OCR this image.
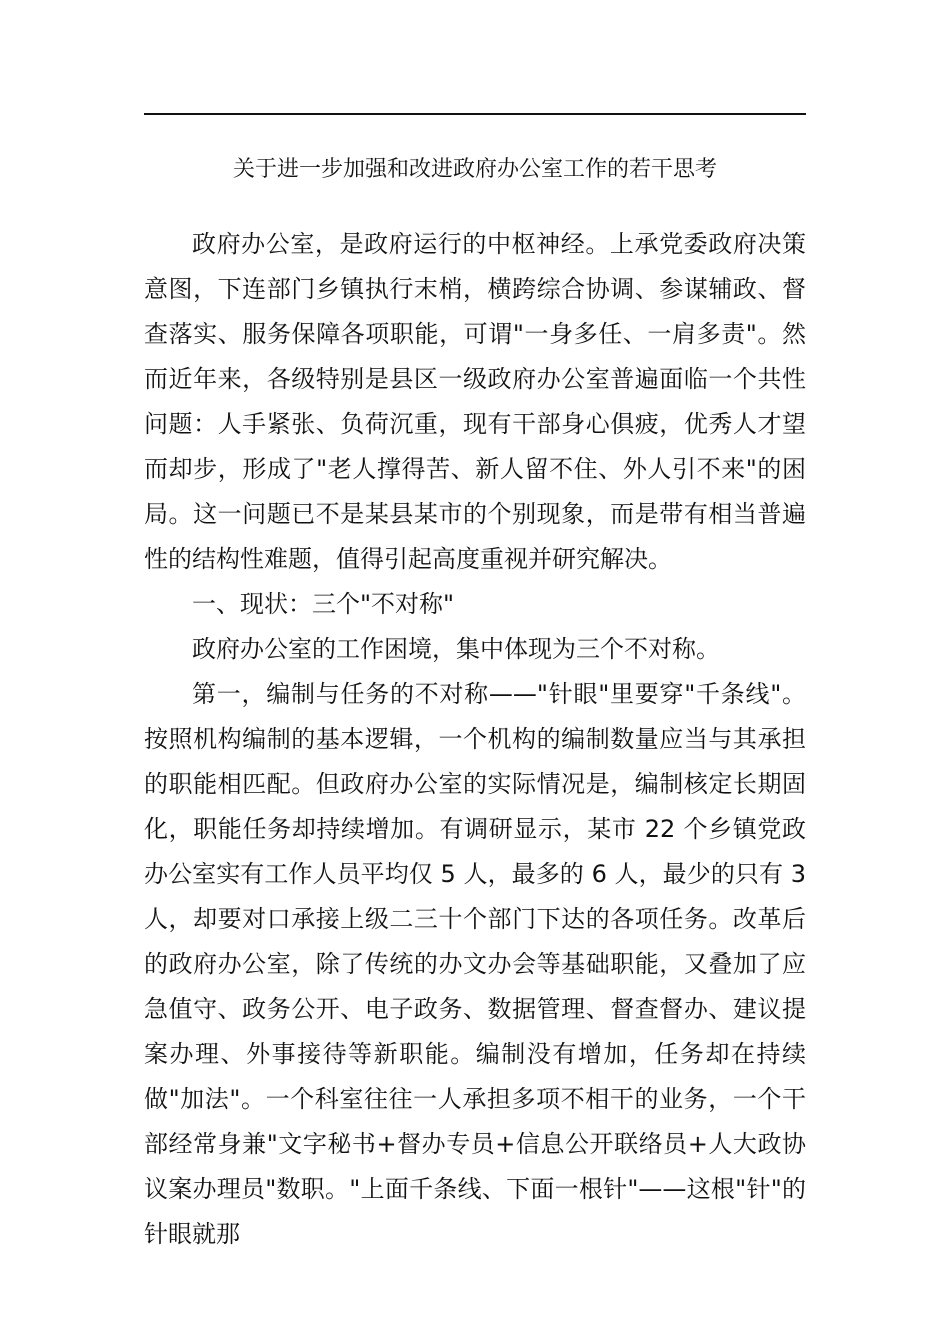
关于进一步加强和改进政府办公室工作的若干思考

政府办公室，是政府运行的中枢神经。上承党委政府决策意图，下连部门乡镇执行末梢，横跨综合协调、参谋辅政、督查落实、服务保障各项职能，可谓"一身多任、一肩多责"。然而近年来，各级特别是县区一级政府办公室普遍面临一个共性问题：人手紧张、负荷沉重，现有干部身心俱疲，优秀人才望而却步，形成了"老人撑得苦、新人留不住、外人引不来"的困局。这一问题已不是某县某市的个别现象，而是带有相当普遍性的结构性难题，值得引起高度重视并研究解决。

一、现状：三个"不对称"

政府办公室的工作困境，集中体现为三个不对称。

第一，编制与任务的不对称——"针眼"里要穿"千条线"。按照机构编制的基本逻辑，一个机构的编制数量应当与其承担的职能相匹配。但政府办公室的实际情况是，编制核定长期固化，职能任务却持续增加。有调研显示，某市 22 个乡镇党政办公室实有工作人员平均仅 5 人，最多的 6 人，最少的只有 3 人，却要对口承接上级二三十个部门下达的各项任务。改革后的政府办公室，除了传统的办文办会等基础职能，又叠加了应急值守、政务公开、电子政务、数据管理、督查督办、建议提案办理、外事接待等新职能。编制没有增加，任务却在持续做"加法"。一个科室往往一人承担多项不相干的业务，一个干部经常身兼"文字秘书+督办专员+信息公开联络员+人大政协议案办理员"数职。"上面千条线、下面一根针"——这根"针"的针眼就那
